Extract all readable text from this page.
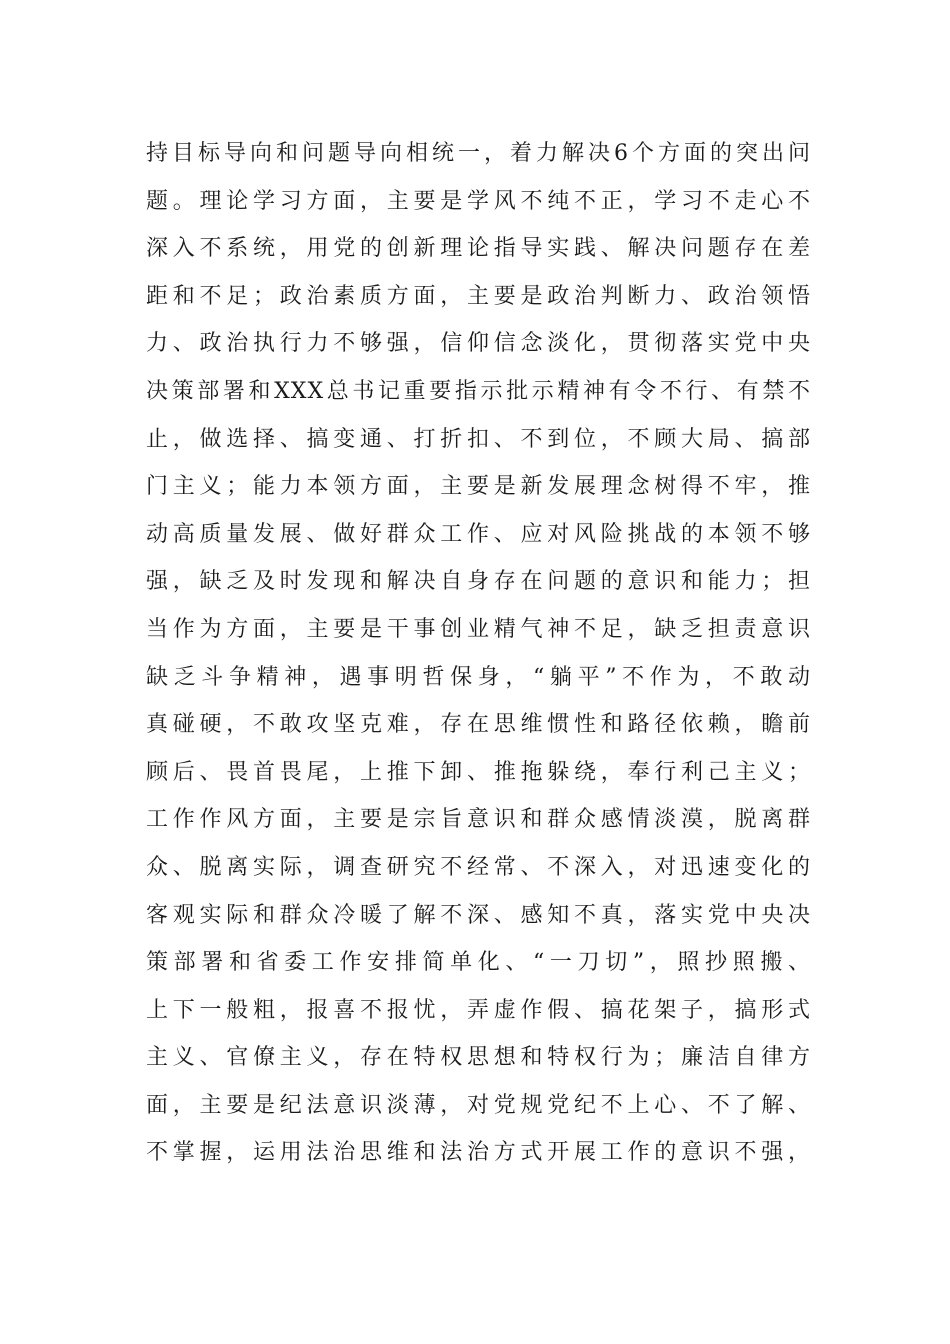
持目标导向和问题导向相统一，着力解决6个方面的突出问
题。理论学习方面，主要是学风不纯不正，学习不走心不
深入不系统，用党的创新理论指导实践、解决问题存在差
距和不足；政治素质方面，主要是政治判断力、政治领悟
力、政治执行力不够强，信仰信念淡化，贯彻落实党中央
决策部署和XXX总书记重要指示批示精神有令不行、有禁不
止，做选择、搞变通、打折扣、不到位，不顾大局、搞部
门主义；能力本领方面，主要是新发展理念树得不牢，推
动高质量发展、做好群众工作、应对风险挑战的本领不够
强，缺乏及时发现和解决自身存在问题的意识和能力；担
当作为方面，主要是干事创业精气神不足，缺乏担责意识
缺乏斗争精神，遇事明哲保身，“躺平”不作为，不敢动
真碰硬，不敢攻坚克难，存在思维惯性和路径依赖，瞻前
顾后、畏首畏尾，上推下卸、推拖躲绕，奉行利己主义；
工作作风方面，主要是宗旨意识和群众感情淡漠，脱离群
众、脱离实际，调查研究不经常、不深入，对迅速变化的
客观实际和群众冷暖了解不深、感知不真，落实党中央决
策部署和省委工作安排简单化、“一刀切”，照抄照搬、
上下一般粗，报喜不报忧，弄虚作假、搞花架子，搞形式
主义、官僚主义，存在特权思想和特权行为；廉洁自律方
面，主要是纪法意识淡薄，对党规党纪不上心、不了解、
不掌握，运用法治思维和法治方式开展工作的意识不强，
